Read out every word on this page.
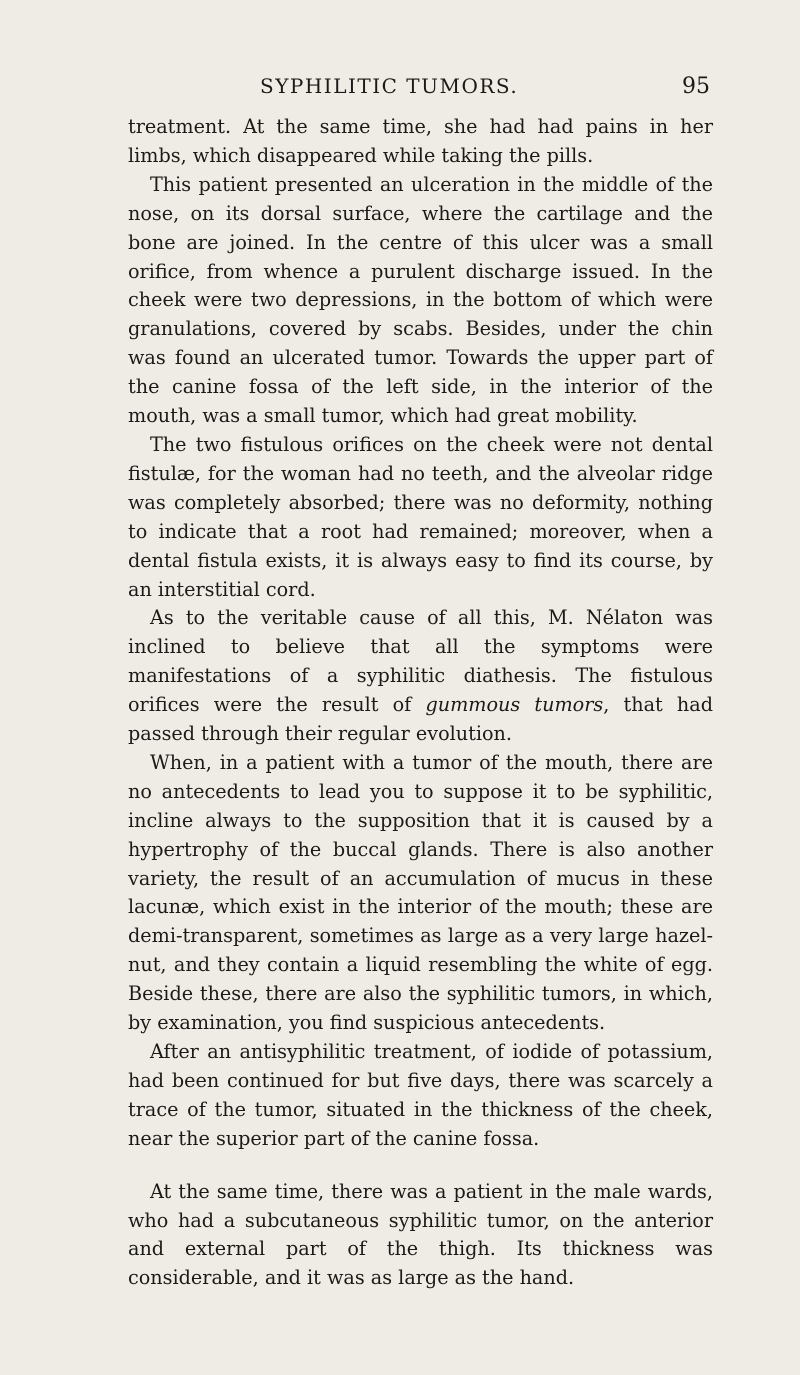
SYPHILITIC TUMORS.	95

treatment. At the same time, she had had pains in her limbs, which disappeared while taking the pills.

This patient presented an ulceration in the middle of the nose, on its dorsal surface, where the cartilage and the bone are joined. In the centre of this ulcer was a small orifice, from whence a purulent discharge issued. In the cheek were two depressions, in the bottom of which were granulations, covered by scabs. Besides, under the chin was found an ulcerated tumor. Towards the upper part of the canine fossa of the left side, in the interior of the mouth, was a small tumor, which had great mobility.

The two fistulous orifices on the cheek were not dental fistulæ, for the woman had no teeth, and the alveolar ridge was completely absorbed; there was no deformity, nothing to indicate that a root had remained; moreover, when a dental fistula exists, it is always easy to find its course, by an interstitial cord.

As to the veritable cause of all this, M. Nélaton was inclined to believe that all the symptoms were manifestations of a syphilitic diathesis. The fistulous orifices were the result of gummous tumors, that had passed through their regular evolution.

When, in a patient with a tumor of the mouth, there are no antecedents to lead you to suppose it to be syphilitic, incline always to the supposition that it is caused by a hypertrophy of the buccal glands. There is also another variety, the result of an accumulation of mucus in these lacunæ, which exist in the interior of the mouth; these are demi-transparent, sometimes as large as a very large hazel-nut, and they contain a liquid resembling the white of egg. Beside these, there are also the syphilitic tumors, in which, by examination, you find suspicious antecedents.

After an antisyphilitic treatment, of iodide of potassium, had been continued for but five days, there was scarcely a trace of the tumor, situated in the thickness of the cheek, near the superior part of the canine fossa.

At the same time, there was a patient in the male wards, who had a subcutaneous syphilitic tumor, on the anterior and external part of the thigh. Its thickness was considerable, and it was as large as the hand.
